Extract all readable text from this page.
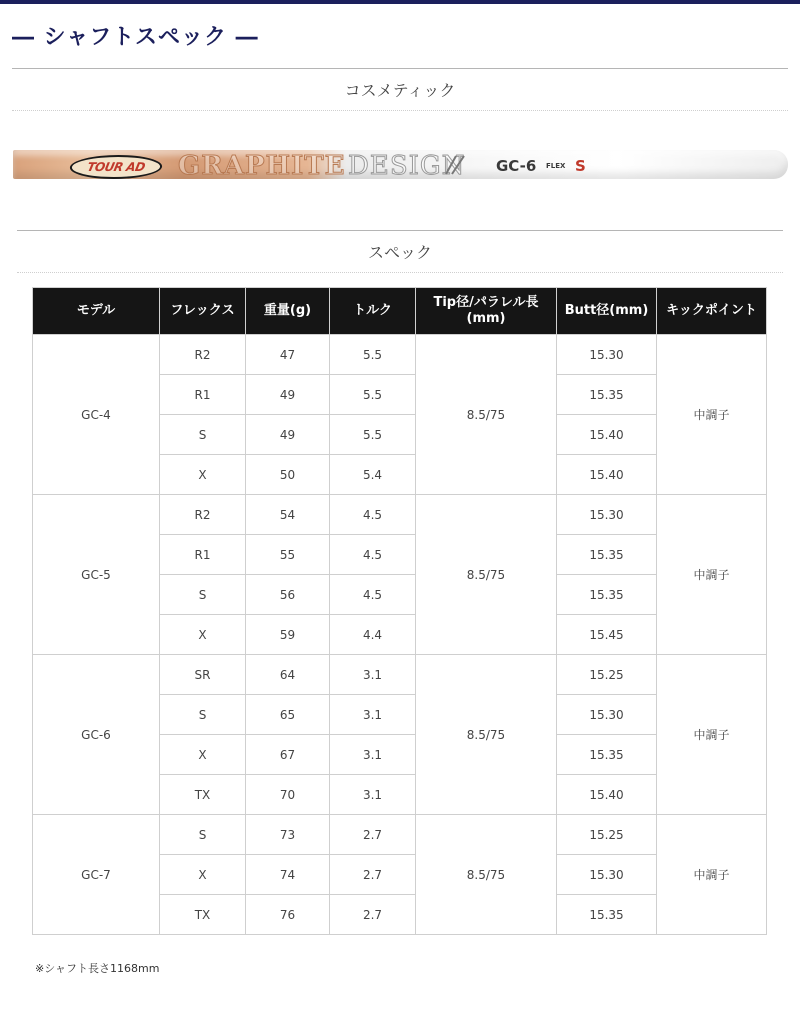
― シャフトスペック ―
コスメティック
TOUR AD	GRAPHITE DESIGN GC-6 FLEX S
スペック
モデル	フレックス	重量(g)	トルク	Tip径/パラレル長(mm)	Butt径(mm)	キックポイント
GC-4	R2	47	5.5	8.5/75	15.30	中調子
	R1	49	5.5		15.35	
	S	49	5.5		15.40	
	X	50	5.4		15.40	
GC-5	R2	54	4.5	8.5/75	15.30	中調子
	R1	55	4.5		15.35	
	S	56	4.5		15.35	
	X	59	4.4		15.45	
GC-6	SR	64	3.1	8.5/75	15.25	中調子
	S	65	3.1		15.30	
	X	67	3.1		15.35	
	TX	70	3.1		15.40	
GC-7	S	73	2.7	8.5/75	15.25	中調子
	X	74	2.7		15.30	
	TX	76	2.7		15.35	
※シャフト長さ1168mm
